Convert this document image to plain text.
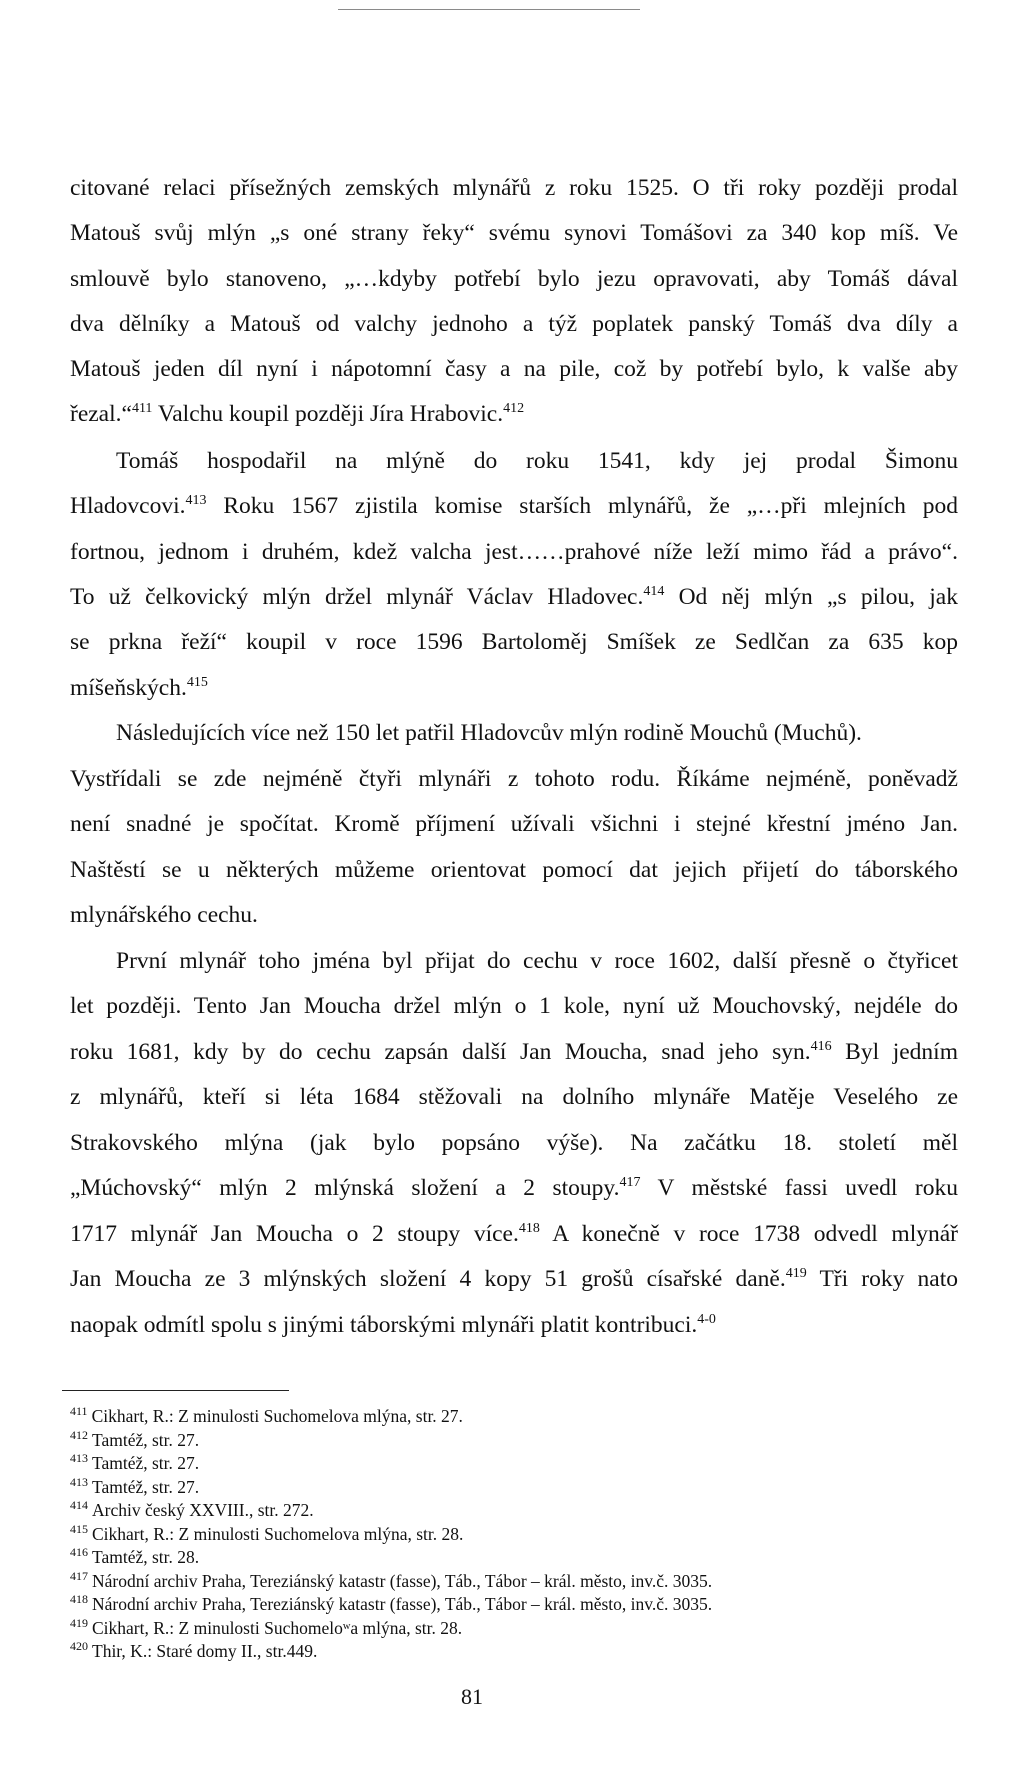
citované relaci přísežných zemských mlynářů z roku 1525. O tři roky později prodal
Matouš svůj mlýn „s oné strany řeky“ svému synovi Tomášovi za 340 kop míš. Ve
smlouvě bylo stanoveno, „…kdyby potřebí bylo jezu opravovati, aby Tomáš dával
dva dělníky a Matouš od valchy jednoho a týž poplatek panský Tomáš dva díly a
Matouš jeden díl nyní i nápotomní časy a na pile, což by potřebí bylo, k valše aby
řezal.“$^{411}$ Valchu koupil později Jíra Hrabovic.$^{412}$
Tomáš hospodařil na mlýně do roku 1541, kdy jej prodal Šimonu
Hladovcovi.$^{413}$ Roku 1567 zjistila komise starších mlynářů, že „…při mlejních pod
fortnou, jednom i druhém, kdež valcha jest……prahové níže leží mimo řád a právo“.
To už čelkovický mlýn držel mlynář Václav Hladovec.$^{414}$ Od něj mlýn „s pilou, jak
se prkna řeží“ koupil v roce 1596 Bartoloměj Smíšek ze Sedlčan za 635 kop
míšeňských.$^{415}$
Následujících více než 150 let patřil Hladovcův mlýn rodině Mouchů (Muchů).
Vystřídali se zde nejméně čtyři mlynáři z tohoto rodu. Říkáme nejméně, poněvadž
není snadné je spočítat. Kromě příjmení užívali všichni i stejné křestní jméno Jan.
Naštěstí se u některých můžeme orientovat pomocí dat jejich přijetí do táborského
mlynářského cechu.
První mlynář toho jména byl přijat do cechu v roce 1602, další přesně o čtyřicet
let později. Tento Jan Moucha držel mlýn o 1 kole, nyní už Mouchovský, nejdéle do
roku 1681, kdy by do cechu zapsán další Jan Moucha, snad jeho syn.$^{416}$ Byl jedním
z mlynářů, kteří si léta 1684 stěžovali na dolního mlynáře Matěje Veselého ze
Strakovského mlýna (jak bylo popsáno výše). Na začátku 18. století měl
„Múchovský“ mlýn 2 mlýnská složení a 2 stoupy.$^{417}$ V městské fassi uvedl roku
1717 mlynář Jan Moucha o 2 stoupy více.$^{418}$ A konečně v roce 1738 odvedl mlynář
Jan Moucha ze 3 mlýnských složení 4 kopy 51 grošů císařské daně.$^{419}$ Tři roky nato
naopak odmítl spolu s jinými táborskými mlynáři platit kontribuci.$^{4-0}$
$^{411}$ Cikhart, R.: Z minulosti Suchomelova mlýna, str. 27.
$^{412}$ Tamtéž, str. 27.
$^{413}$ Tamtéž, str. 27.
$^{413}$ Tamtéž, str. 27.
$^{414}$ Archiv český XXVIII., str. 272.
$^{415}$ Cikhart, R.: Z minulosti Suchomelova mlýna, str. 28.
$^{416}$ Tamtéž, str. 28.
$^{417}$ Národní archiv Praha, Tereziánský katastr (fasse), Táb., Tábor – král. město, inv.č. 3035.
$^{418}$ Národní archiv Praha, Tereziánský katastr (fasse), Táb., Tábor – král. město, inv.č. 3035.
$^{419}$ Cikhart, R.: Z minulosti Suchomeloʷa mlýna, str. 28.
$^{420}$ Thir, K.: Staré domy II., str.449.
81
